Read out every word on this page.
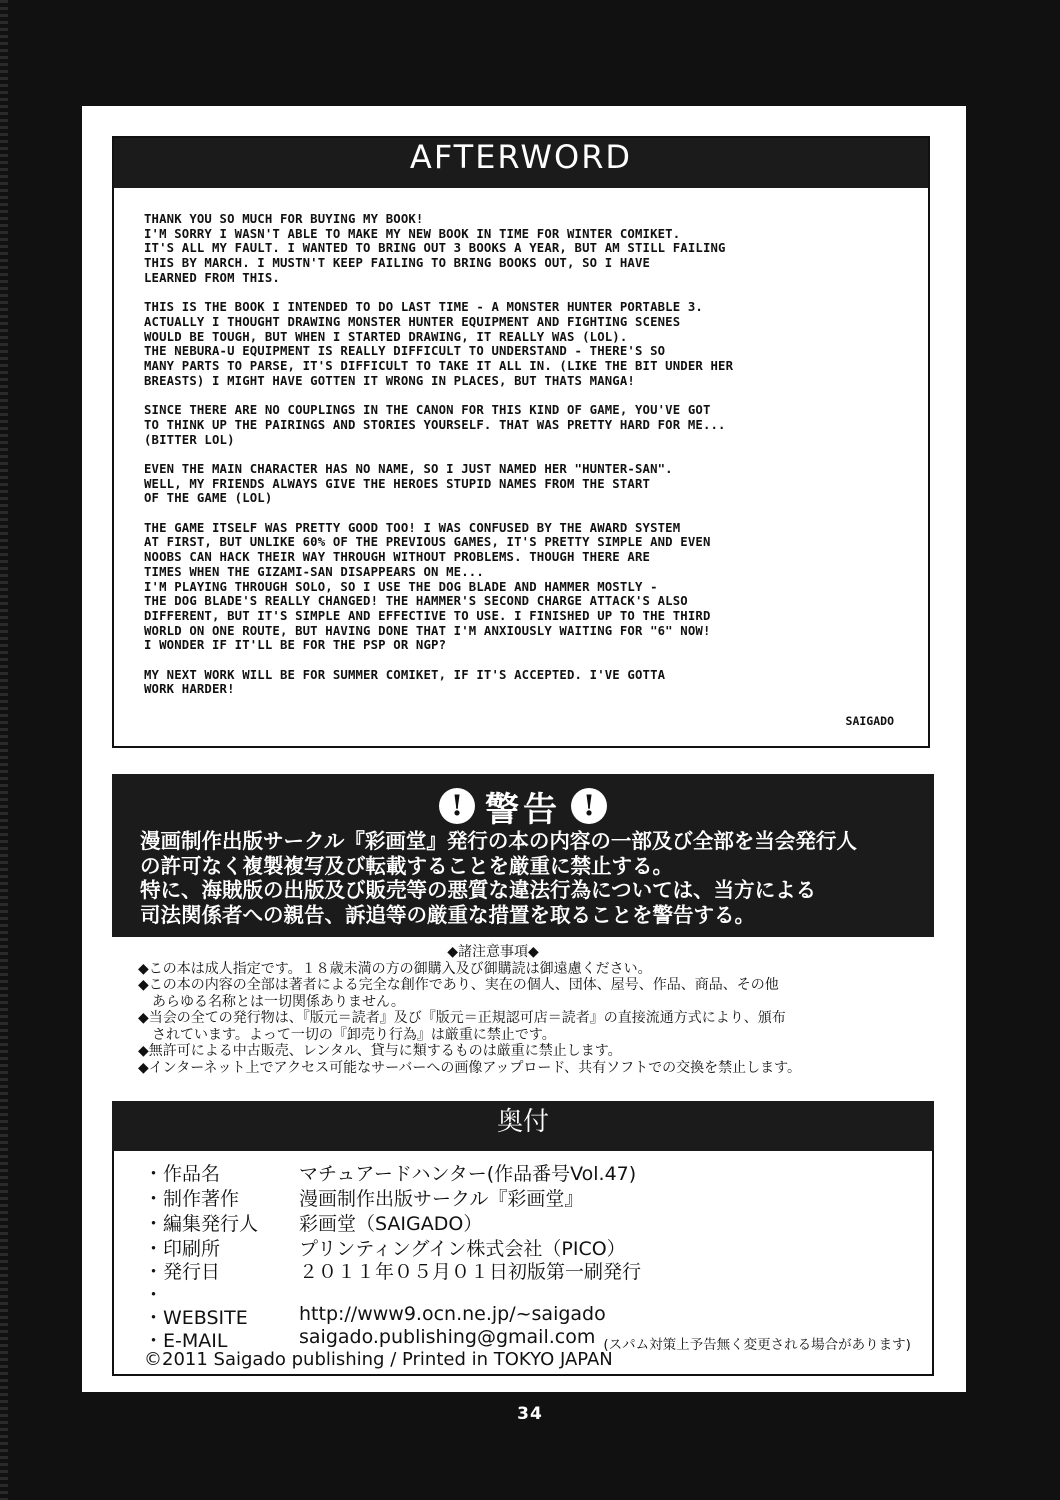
AFTERWORD

THANK YOU SO MUCH FOR BUYING MY BOOK!
I'M SORRY I WASN'T ABLE TO MAKE MY NEW BOOK IN TIME FOR WINTER COMIKET.
IT'S ALL MY FAULT. I WANTED TO BRING OUT 3 BOOKS A YEAR, BUT AM STILL FAILING
THIS BY MARCH. I MUSTN'T KEEP FAILING TO BRING BOOKS OUT, SO I HAVE
LEARNED FROM THIS.

THIS IS THE BOOK I INTENDED TO DO LAST TIME - A MONSTER HUNTER PORTABLE 3.
ACTUALLY I THOUGHT DRAWING MONSTER HUNTER EQUIPMENT AND FIGHTING SCENES
WOULD BE TOUGH, BUT WHEN I STARTED DRAWING, IT REALLY WAS (LOL).
THE NEBURA-U EQUIPMENT IS REALLY DIFFICULT TO UNDERSTAND - THERE'S SO
MANY PARTS TO PARSE, IT'S DIFFICULT TO TAKE IT ALL IN. (LIKE THE BIT UNDER HER
BREASTS) I MIGHT HAVE GOTTEN IT WRONG IN PLACES, BUT THATS MANGA!

SINCE THERE ARE NO COUPLINGS IN THE CANON FOR THIS KIND OF GAME, YOU'VE GOT
TO THINK UP THE PAIRINGS AND STORIES YOURSELF. THAT WAS PRETTY HARD FOR ME...
(BITTER LOL)

EVEN THE MAIN CHARACTER HAS NO NAME, SO I JUST NAMED HER "HUNTER-SAN".
WELL, MY FRIENDS ALWAYS GIVE THE HEROES STUPID NAMES FROM THE START
OF THE GAME (LOL)

THE GAME ITSELF WAS PRETTY GOOD TOO! I WAS CONFUSED BY THE AWARD SYSTEM
AT FIRST, BUT UNLIKE 60% OF THE PREVIOUS GAMES, IT'S PRETTY SIMPLE AND EVEN
NOOBS CAN HACK THEIR WAY THROUGH WITHOUT PROBLEMS. THOUGH THERE ARE
TIMES WHEN THE GIZAMI-SAN DISAPPEARS ON ME...
I'M PLAYING THROUGH SOLO, SO I USE THE DOG BLADE AND HAMMER MOSTLY -
THE DOG BLADE'S REALLY CHANGED! THE HAMMER'S SECOND CHARGE ATTACK'S ALSO
DIFFERENT, BUT IT'S SIMPLE AND EFFECTIVE TO USE. I FINISHED UP TO THE THIRD
WORLD ON ONE ROUTE, BUT HAVING DONE THAT I'M ANXIOUSLY WAITING FOR "6" NOW!
I WONDER IF IT'LL BE FOR THE PSP OR NGP?

MY NEXT WORK WILL BE FOR SUMMER COMIKET, IF IT'S ACCEPTED. I'VE GOTTA
WORK HARDER!

SAIGADO
! 警告 !
漫画制作出版サークル『彩画堂』発行の本の内容の一部及び全部を当会発行人
の許可なく複製複写及び転載することを厳重に禁止する。
特に、海賊版の出版及び販売等の悪質な違法行為については、当方による
司法関係者への親告、訴追等の厳重な措置を取ることを警告する。
◆諸注意事項◆
◆この本は成人指定です。１８歳未満の方の御購入及び御購読は御遠慮ください。
◆この本の内容の全部は著者による完全な創作であり、実在の個人、団体、屋号、作品、商品、その他
　あらゆる名称とは一切関係ありません。
◆当会の全ての発行物は、『版元＝読者』及び『版元＝正規認可店＝読者』の直接流通方式により、頒布
　されています。よって一切の『卸売り行為』は厳重に禁止です。
◆無許可による中古販売、レンタル、貸与に類するものは厳重に禁止します。
◆インターネット上でアクセス可能なサーバーへの画像アップロード、共有ソフトでの交換を禁止します。
奥付
・作品名	マチュアードハンター(作品番号Vol.47)
・制作著作	漫画制作出版サークル『彩画堂』
・編集発行人	彩画堂（SAIGADO）
・印刷所	プリンティングイン株式会社（PICO）
・発行日	２０１１年０５月０１日初版第一刷発行
・
・WEBSITE	http://www9.ocn.ne.jp/~saigado
・E-MAIL	saigado.publishing@gmail.com (スパム対策上予告無く変更される場合があります)
©2011 Saigado publishing / Printed in TOKYO JAPAN
34
